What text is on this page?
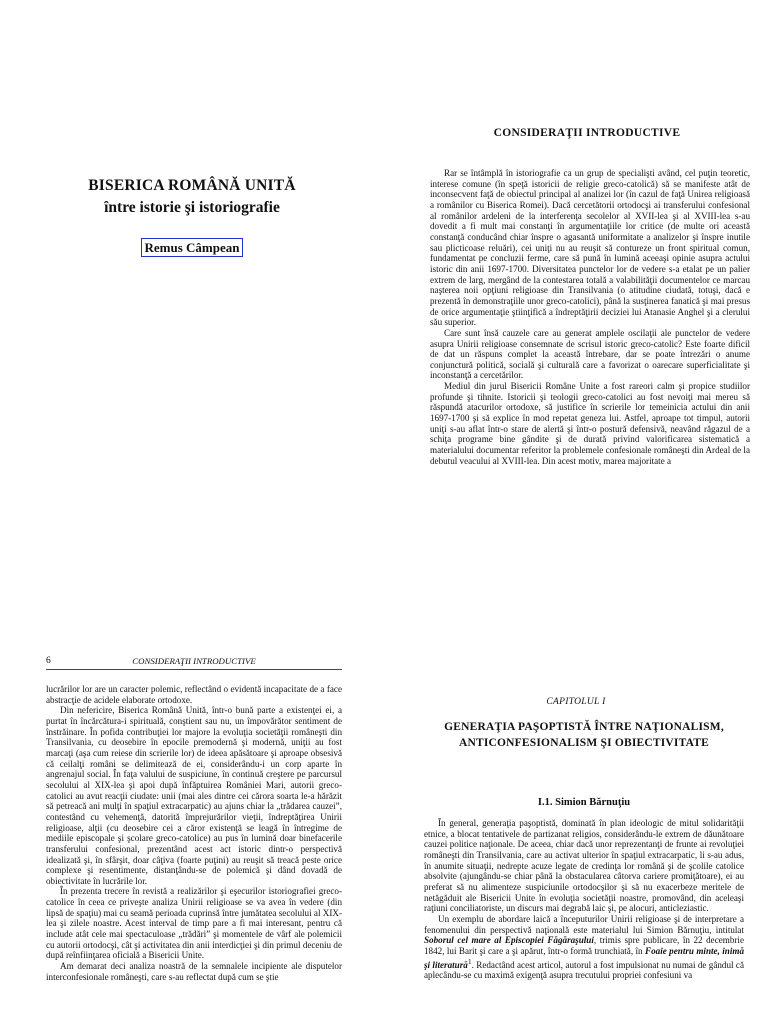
BISERICA ROMÂNĂ UNITĂ
între istorie şi istoriografie
Remus Câmpean
CONSIDERAŢII INTRODUCTIVE

Rar se întâmplă în istoriografie ca un grup de specialişti având, cel puţin teoretic, interese comune (în speţă istoricii de religie greco-catolică) să se manifeste atât de inconsecvent faţă de obiectul principal al analizei lor (în cazul de faţă Unirea religioasă a românilor cu Biserica Romei). Dacă cercetătorii ortodocşi ai transferului confesional al românilor ardeleni de la interferenţa secolelor al XVII-lea şi al XVIII-lea s-au dovedit a fi mult mai constanţi în argumentaţiile lor critice (de multe ori această constanţă conducând chiar înspre o agasantă uniformitate a analizelor şi înspre inutile sau plicticoase reluări), cei uniţi nu au reuşit să contureze un front spiritual comun, fundamentat pe concluzii ferme, care să pună în lumină aceeaşi opinie asupra actului istoric din anii 1697-1700. Diversitatea punctelor lor de vedere s-a etalat pe un palier extrem de larg, mergând de la contestarea totală a valabilităţii documentelor ce marcau naşterea noii opţiuni religioase din Transilvania (o atitudine ciudată, totuşi, dacă e prezentă în demonstraţiile unor greco-catolici), până la susţinerea fanatică şi mai presus de orice argumentaţie ştiinţifică a îndreptăţirii deciziei lui Atanasie Anghel şi a clerului său superior.

Care sunt însă cauzele care au generat amplele oscilaţii ale punctelor de vedere asupra Unirii religioase consemnate de scrisul istoric greco-catolic? Este foarte dificil de dat un răspuns complet la această întrebare, dar se poate întrezări o anume conjunctură politică, socială şi culturală care a favorizat o oarecare superficialitate şi inconstanţă a cercetărilor.

Mediul din jurul Bisericii Române Unite a fost rareori calm şi propice studiilor profunde şi tihnite. Istoricii şi teologii greco-catolici au fost nevoiţi mai mereu să răspundă atacurilor ortodoxe, să justifice în scrierile lor temeinicia actului din anii 1697-1700 şi să explice în mod repetat geneza lui. Astfel, aproape tot timpul, autorii uniţi s-au aflat într-o stare de alertă şi într-o postură defensivă, neavând răgazul de a schiţa programe bine gândite şi de durată privind valorificarea sistematică a materialului documentar referitor la problemele confesionale româneşti din Ardeal de la debutul veacului al XVIII-lea. Din acest motiv, marea majoritate a

CONSIDERAŢII INTRODUCTIVE
6

lucrărilor lor are un caracter polemic, reflectând o evidentă incapacitate de a face abstracţie de acidele elaborate ortodoxe.

Din nefericire, Biserica Română Unită, într-o bună parte a existenţei ei, a purtat în încărcătura-i spirituală, conştient sau nu, un împovărător sentiment de înstrăinare. În pofida contribuţiei lor majore la evoluţia societăţii româneşti din Transilvania, cu deosebire în epocile premodernă şi modernă, uniţii au fost marcaţi (aşa cum reiese din scrierile lor) de ideea apăsătoare şi aproape obsesivă că ceilalţi români se delimitează de ei, considerându-i un corp aparte în angrenajul social. În faţa valului de suspiciune, în continuă creştere pe parcursul secolului al XIX-lea şi apoi după înfăptuirea României Mari, autorii greco-catolici au avut reacţii ciudate: unii (mai ales dintre cei cărora soarta le-a hărăzit să petreacă ani mulţi în spaţiul extracarpatic) au ajuns chiar la „trădarea cauzei”, contestând cu vehemenţă, datorită împrejurărilor vieţii, îndreptăţirea Unirii religioase, alţii (cu deosebire cei a căror existenţă se leagă în întregime de mediile episcopale şi şcolare greco-catolice) au pus în lumină doar binefacerile transferului confesional, prezentând acest act istoric dintr-o perspectivă idealizată şi, în sfârşit, doar câţiva (foarte puţini) au reuşit să treacă peste orice complexe şi resentimente, distanţându-se de polemică şi dând dovadă de obiectivitate în lucrările lor.

În prezenta trecere în revistă a realizărilor şi eşecurilor istoriografiei greco-catolice în ceea ce priveşte analiza Unirii religioase se va avea în vedere (din lipsă de spaţiu) mai cu seamă perioada cuprinsă între jumătatea secolului al XIX-lea şi zilele noastre. Acest interval de timp pare a fi mai interesant, pentru că include atât cele mai spectaculoase „trădări” şi momentele de vârf ale polemicii cu autorii ortodocşi, cât şi activitatea din anii interdicţiei şi din primul deceniu de după reînfiinţarea oficială a Bisericii Unite.

Am demarat deci analiza noastră de la semnalele incipiente ale disputelor interconfesionale româneşti, care s-au reflectat după cum se ştie

CAPITOLUL I
GENERAŢIA PAŞOPTISTĂ ÎNTRE NAŢIONALISM, ANTICONFESIONALISM ŞI OBIECTIVITATE
I.1. Simion Bărnuţiu

În general, generaţia paşoptistă, dominată în plan ideologic de mitul solidarităţii etnice, a blocat tentativele de partizanat religios, considerându-le extrem de dăunătoare cauzei politice naţionale. De aceea, chiar dacă unor reprezentanţi de frunte ai revoluţiei româneşti din Transilvania, care au activat ulterior în spaţiul extracarpatic, li s-au adus, în anumite situaţii, nedrepte acuze legate de credinţa lor română şi de şcolile catolice absolvite (ajungându-se chiar până la obstacularea câtorva cariere promiţătoare), ei au preferat să nu alimenteze suspiciunile ortodocşilor şi să nu exacerbeze meritele de netăgăduit ale Bisericii Unite în evoluţia societăţii noastre, promovând, din aceleaşi raţiuni conciliatoriste, un discurs mai degrabă laic şi, pe alocuri, anticleziastic.

Un exemplu de abordare laică a începuturilor Unirii religioase şi de interpretare a fenomenului din perspectivă naţională este materialul lui Simion Bărnuţiu, intitulat Soborul cel mare al Episcopiei Făgăraşului, trimis spre publicare, în 22 decembrie 1842, lui Barit şi care a şi apărut, într-o formă trunchiată, în Foaie pentru minte, inimă şi literatură$^1$. Redactând acest articol, autorul a fost impulsionat nu numai de gândul că aplecându-se cu maximă exigenţă asupra trecutului propriei confesiuni va
